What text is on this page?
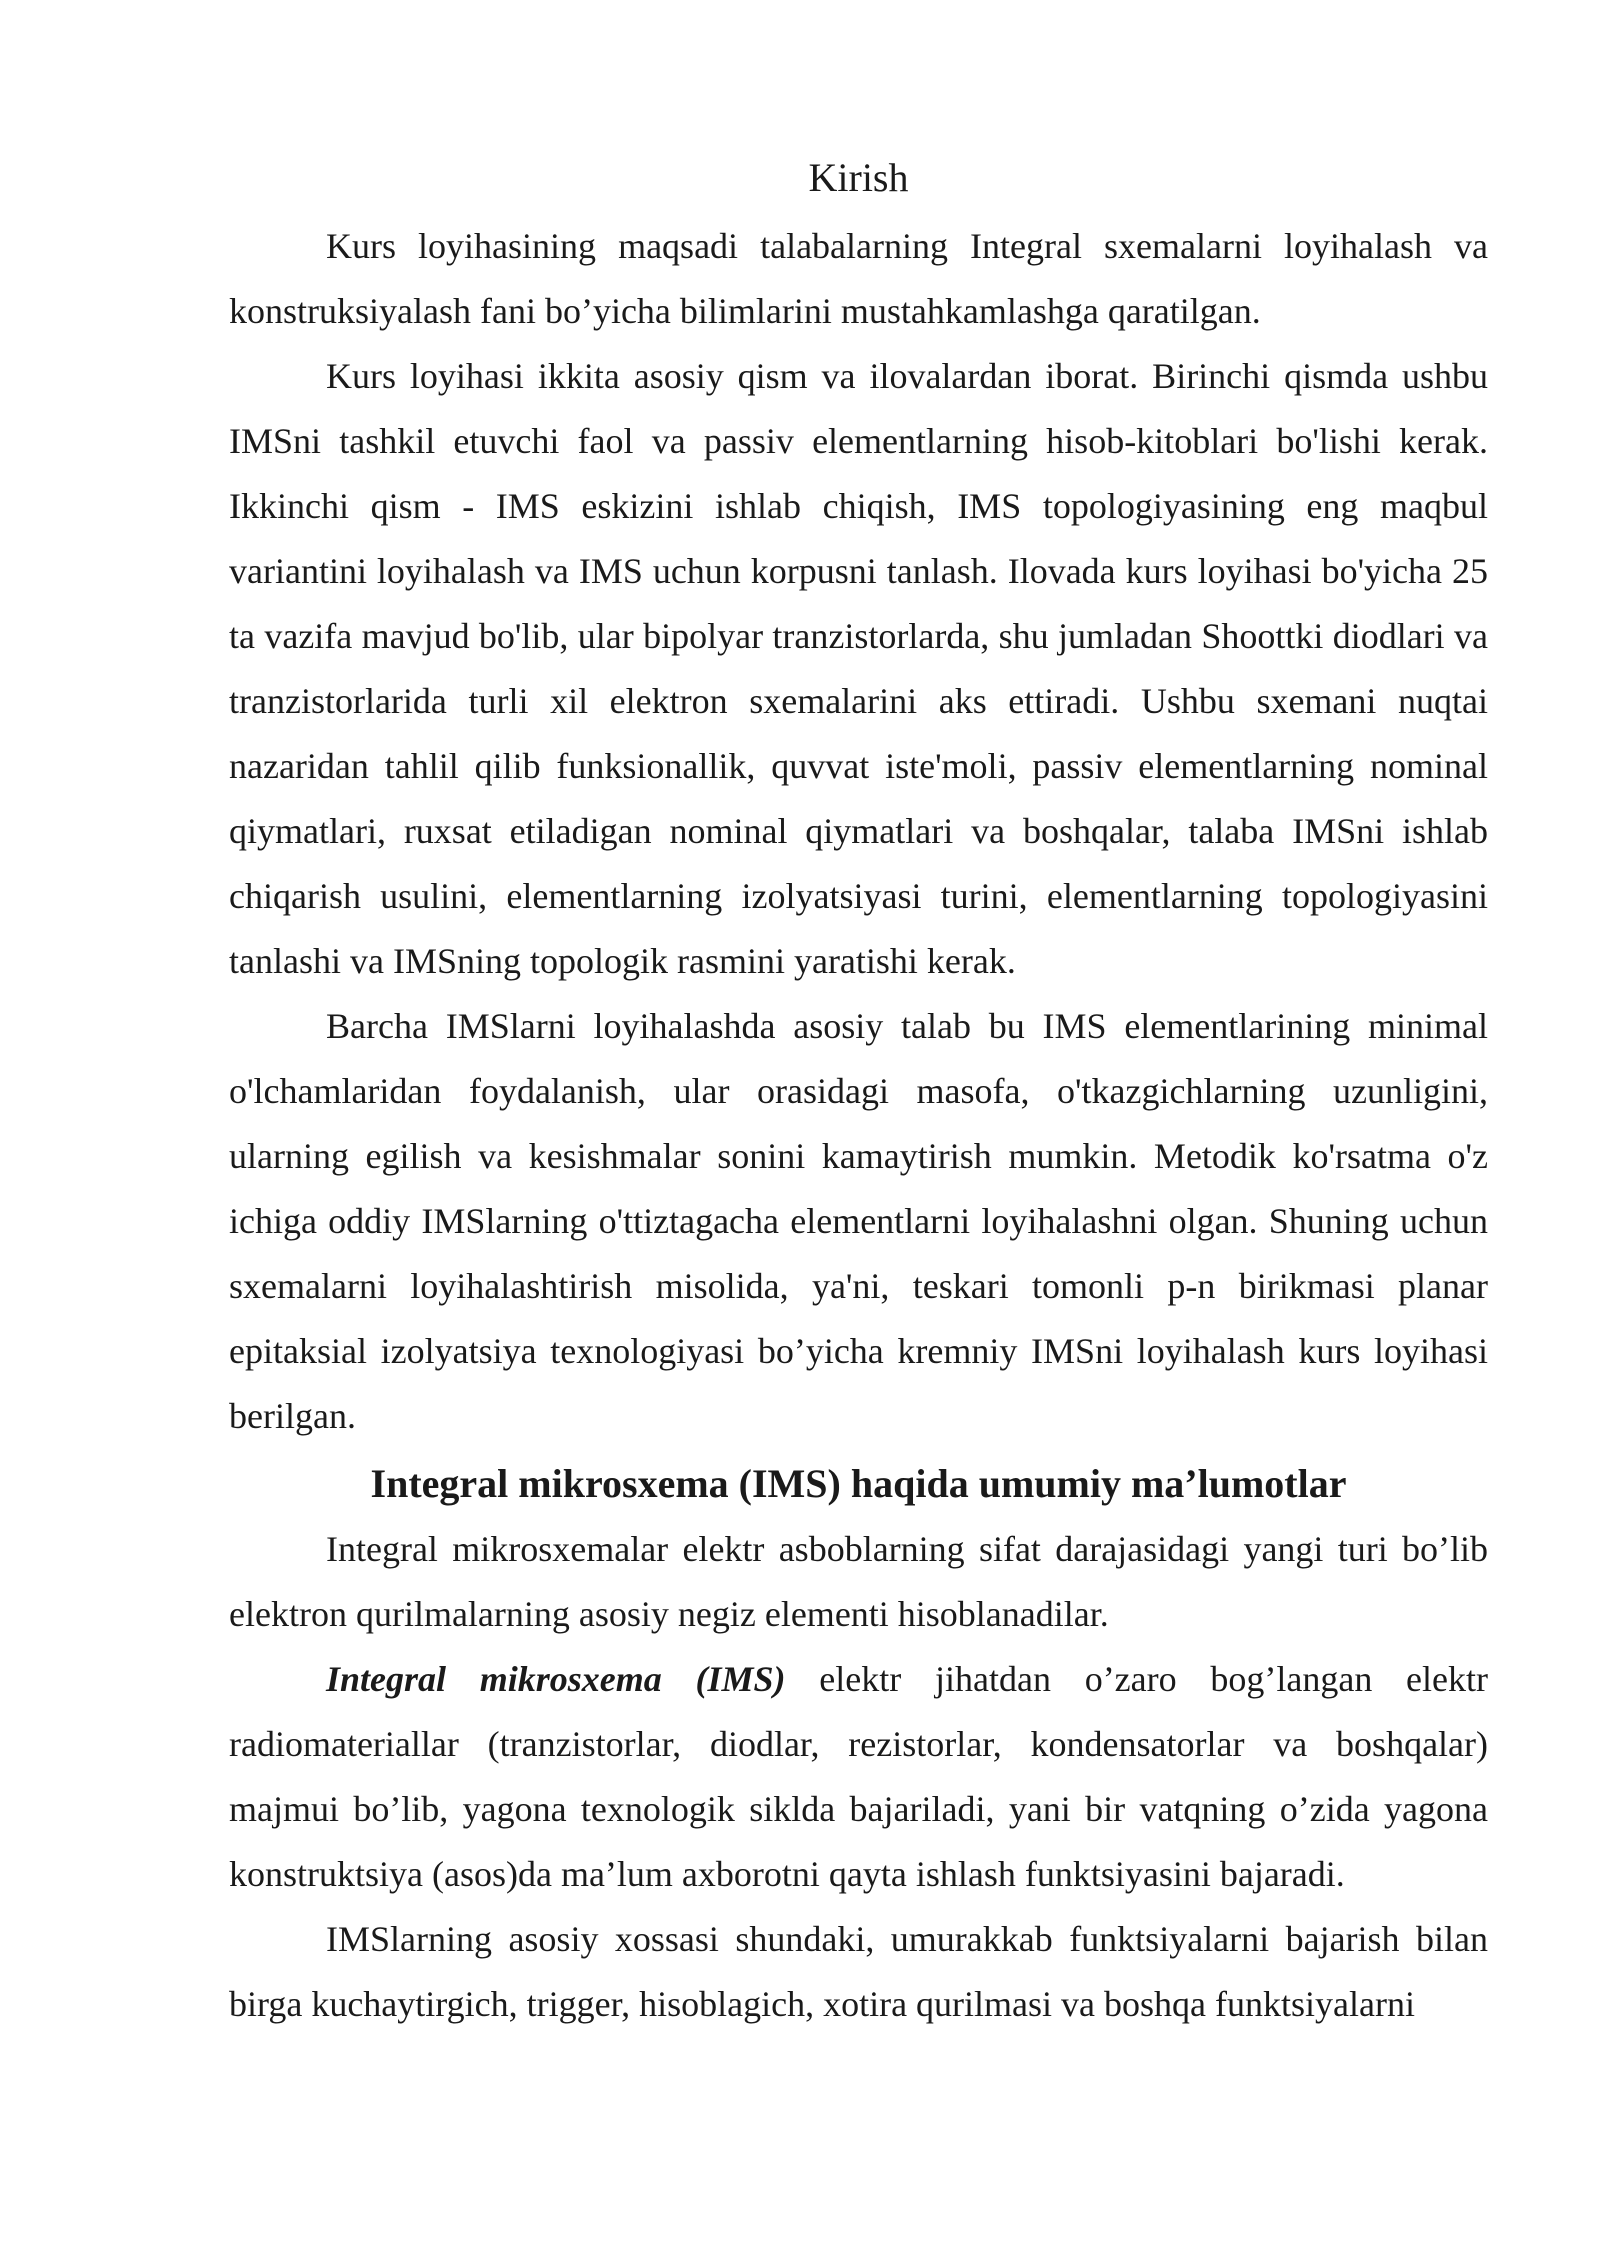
Kirish

Kurs loyihasining maqsadi talabalarning Integral sxemalarni loyihalash va konstruksiyalash fani bo’yicha bilimlarini mustahkamlashga qaratilgan.

Kurs loyihasi ikkita asosiy qism va ilovalardan iborat. Birinchi qismda ushbu IMSni tashkil etuvchi faol va passiv elementlarning hisob-kitoblari bo'lishi kerak. Ikkinchi qism - IMS eskizini ishlab chiqish, IMS topologiyasining eng maqbul variantini loyihalash va IMS uchun korpusni tanlash. Ilovada kurs loyihasi bo'yicha 25 ta vazifa mavjud bo'lib, ular bipolyar tranzistorlarda, shu jumladan Shoottki diodlari va tranzistorlarida turli xil elektron sxemalarini aks ettiradi. Ushbu sxemani nuqtai nazaridan tahlil qilib funksionallik, quvvat iste'moli, passiv elementlarning nominal qiymatlari, ruxsat etiladigan nominal qiymatlari va boshqalar, talaba IMSni ishlab chiqarish usulini, elementlarning izolyatsiyasi turini, elementlarning topologiyasini tanlashi va IMSning topologik rasmini yaratishi kerak.

Barcha IMSlarni loyihalashda asosiy talab bu IMS elementlarining minimal o'lchamlaridan foydalanish, ular orasidagi masofa, o'tkazgichlarning uzunligini, ularning egilish va kesishmalar sonini kamaytirish mumkin. Metodik ko'rsatma o'z ichiga oddiy IMSlarning o'ttiztagacha elementlarni loyihalashni olgan. Shuning uchun sxemalarni loyihalashtirish misolida, ya'ni, teskari tomonli p-n birikmasi planar epitaksial izolyatsiya texnologiyasi bo’yicha kremniy IMSni loyihalash kurs loyihasi berilgan.

Integral mikrosxema (IMS) haqida umumiy ma’lumotlar

Integral mikrosxemalar elektr asboblarning sifat darajasidagi yangi turi bo’lib elektron qurilmalarning asosiy negiz elementi hisoblanadilar.

Integral mikrosxema (IMS) elektr jihatdan o’zaro bog’langan elektr radiomateriallar (tranzistorlar, diodlar, rezistorlar, kondensatorlar va boshqalar) majmui bo’lib, yagona texnologik siklda bajariladi, yani bir vatqning o’zida yagona konstruktsiya (asos)da ma’lum axborotni qayta ishlash funktsiyasini bajaradi.

IMSlarning asosiy xossasi shundaki, umurakkab funktsiyalarni bajarish bilan birga kuchaytirgich, trigger, hisoblagich, xotira qurilmasi va boshqa funktsiyalarni
